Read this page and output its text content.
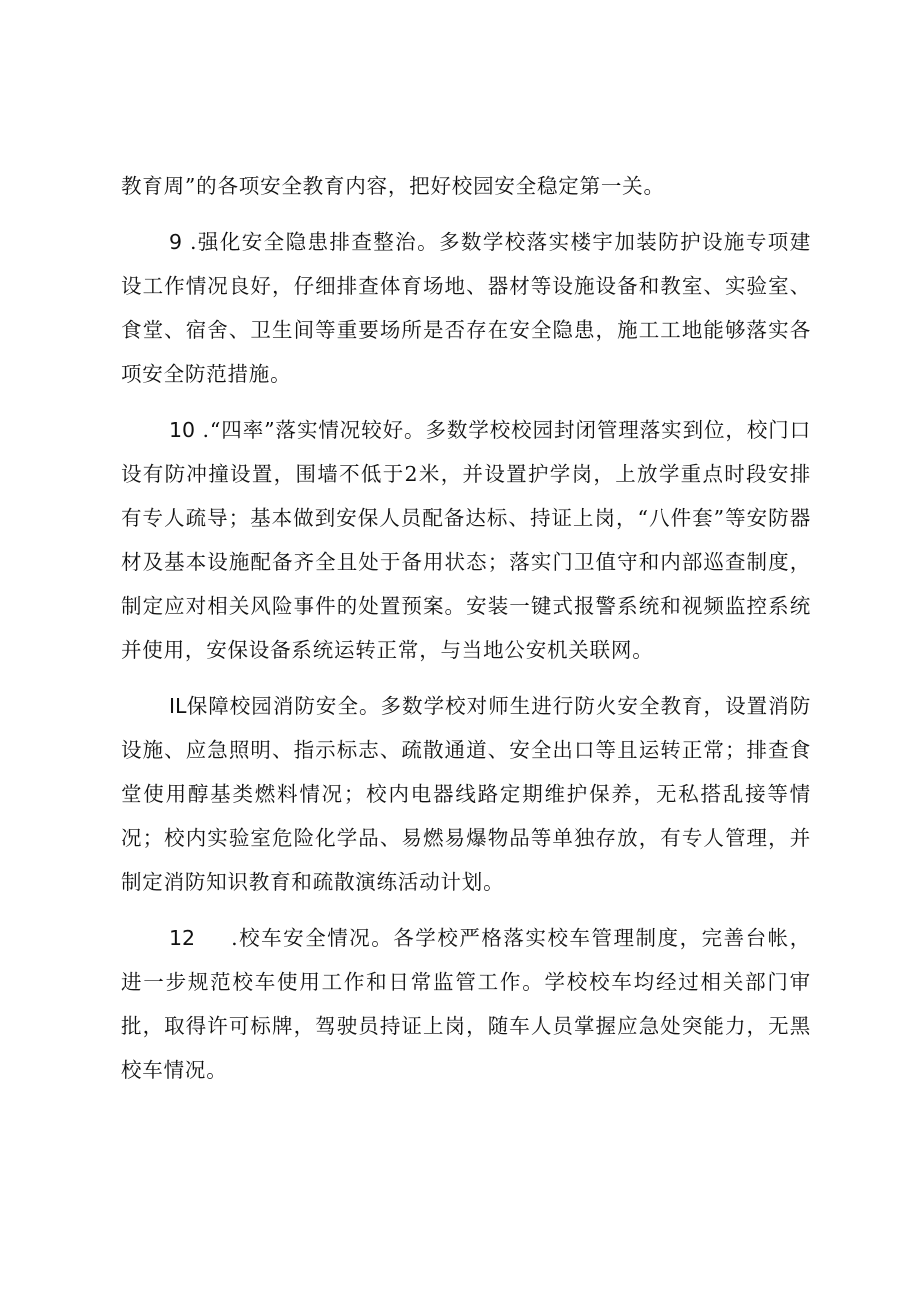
教育周”的各项安全教育内容，把好校园安全稳定第一关。

9 .强化安全隐患排查整治。多数学校落实楼宇加装防护设施专项建设工作情况良好，仔细排查体育场地、器材等设施设备和教室、实验室、食堂、宿舍、卫生间等重要场所是否存在安全隐患，施工工地能够落实各项安全防范措施。

10 .“四率”落实情况较好。多数学校校园封闭管理落实到位，校门口设有防冲撞设置，围墙不低于2米，并设置护学岗，上放学重点时段安排有专人疏导；基本做到安保人员配备达标、持证上岗，“八件套”等安防器材及基本设施配备齐全且处于备用状态；落实门卫值守和内部巡查制度，制定应对相关风险事件的处置预案。安装一键式报警系统和视频监控系统并使用，安保设备系统运转正常，与当地公安机关联网。

IL保障校园消防安全。多数学校对师生进行防火安全教育，设置消防设施、应急照明、指示标志、疏散通道、安全出口等且运转正常；排查食堂使用醇基类燃料情况；校内电器线路定期维护保养，无私搭乱接等情况；校内实验室危险化学品、易燃易爆物品等单独存放，有专人管理，并制定消防知识教育和疏散演练活动计划。

12 .校车安全情况。各学校严格落实校车管理制度，完善台帐，进一步规范校车使用工作和日常监管工作。学校校车均经过相关部门审批，取得许可标牌，驾驶员持证上岗，随车人员掌握应急处突能力，无黑校车情况。
